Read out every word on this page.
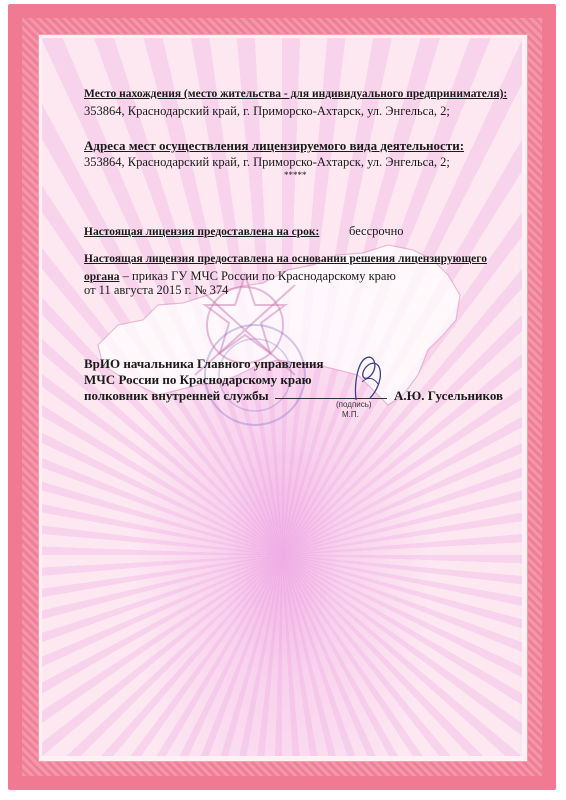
Место нахождения (место жительства - для индивидуального предпринимателя):
353864, Краснодарский край, г. Приморско-Ахтарск, ул. Энгельса, 2;
Адреса мест осуществления лицензируемого вида деятельности:
353864, Краснодарский край, г. Приморско-Ахтарск, ул. Энгельса, 2;
*****
Настоящая лицензия предоставлена на срок: бессрочно
Настоящая лицензия предоставлена на основании решения лицензирующего
органа – приказ ГУ МЧС России по Краснодарскому краю
от 11 августа 2015 г. № 374
ВрИО начальника Главного управления
МЧС России по Краснодарскому краю
полковник внутренней службы	А.Ю. Гусельников
(подпись)
М.П.
